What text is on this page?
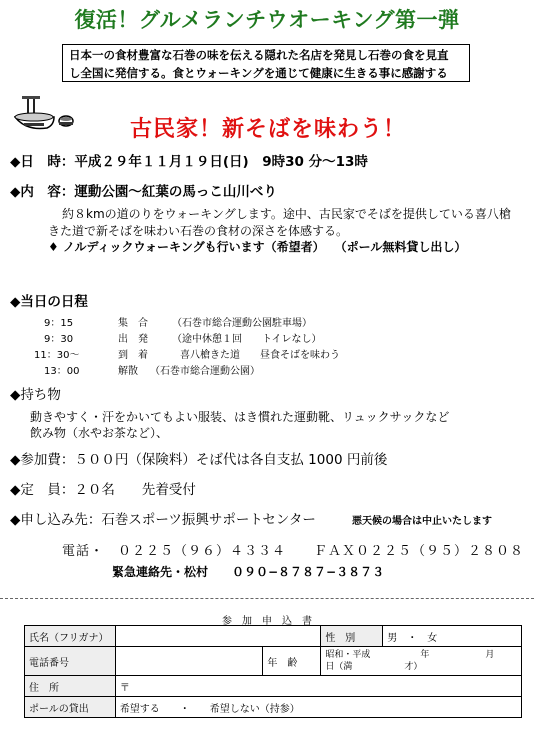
復活！グルメランチウオーキング第一弾
日本一の食材豊富な石巻の味を伝える隠れた名店を発見し石巻の食を見直
し全国に発信する。食とウォーキングを通じて健康に生きる事に感謝する
古民家！新そばを味わう！
◆日　時：平成２９年１１月１９日(日)　9時30 分～13時
◆内　容：運動公園～紅葉の馬っこ山川べり
約８kmの道のりをウォーキングします。途中、古民家でそばを提供している喜八槍
きた道で新そばを味わい石巻の食材の深さを体感する。
♦ ノルディックウォーキングも行います（希望者） （ポール無料貸し出し）
◆当日の日程
9：15	集　合 （石巻市総合運動公園駐車場）
9：30	出　発 （途中休憩１回　　トイレなし）
11：30～	到　着	喜八槍きた道　　昼食そばを味わう
13：00	解散 （石巻市総合運動公園）
◆持ち物
動きやすく・汗をかいてもよい服装、はき慣れた運動靴、リュックサックなど
飲み物（水やお茶など）、
◆参加費：５００円（保険料）そば代は各自支払 1000 円前後
◆定　員：２０名　　先着受付
◆申し込み先：石巻スポーツ振興サポートセンター	悪天候の場合は中止いたします
電話・　０２２５（９６）４３３４　　ＦＡＸ０２２５（９５）２８０８
緊急連絡先・松村　　０９０−８７８７−３８７３
参　加　申　込　書
氏名（フリガナ）			性　別	男　・　女
電話番号		年　齢	昭和・平成 年 月
日（満 才）	

住　所	〒			
ポールの貸出	希望する　　・　　希望しない（持参）			
